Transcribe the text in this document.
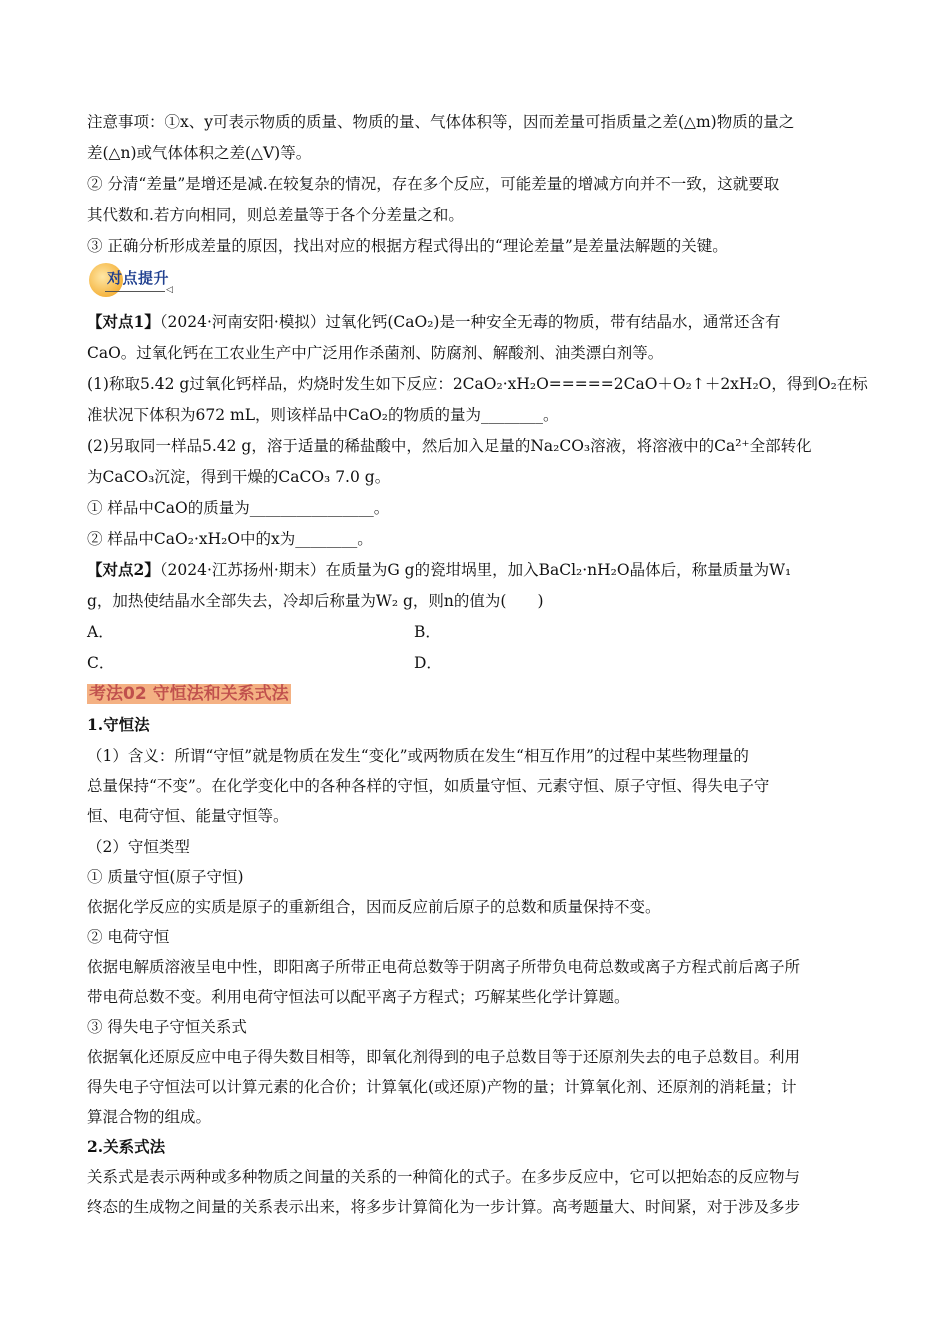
注意事项：①x、y可表示物质的质量、物质的量、气体体积等，因而差量可指质量之差(△m)物质的量之
差(△n)或气体体积之差(△V)等。
② 分清“差量”是增还是减.在较复杂的情况，存在多个反应，可能差量的增减方向并不一致，这就要取
其代数和.若方向相同，则总差量等于各个分差量之和。
③ 正确分析形成差量的原因，找出对应的根据方程式得出的“理论差量”是差量法解题的关键。
对点提升
◁
【对点1】（2024·河南安阳·模拟）过氧化钙(CaO₂)是一种安全无毒的物质，带有结晶水，通常还含有
CaO。过氧化钙在工农业生产中广泛用作杀菌剂、防腐剂、解酸剂、油类漂白剂等。
(1)称取5.42 g过氧化钙样品，灼烧时发生如下反应：2CaO₂·xH₂O=====2CaO＋O₂↑＋2xH₂O，得到O₂在标
准状况下体积为672 mL，则该样品中CaO₂的物质的量为________。
(2)另取同一样品5.42 g，溶于适量的稀盐酸中，然后加入足量的Na₂CO₃溶液，将溶液中的Ca²⁺全部转化
为CaCO₃沉淀，得到干燥的CaCO₃ 7.0 g。
① 样品中CaO的质量为________________。
② 样品中CaO₂·xH₂O中的x为________。
【对点2】（2024·江苏扬州·期末）在质量为G g的瓷坩埚里，加入BaCl₂·nH₂O晶体后，称量质量为W₁
g，加热使结晶水全部失去，冷却后称量为W₂ g，则n的值为(　　)
A．	B．
C．	D．
考法02 守恒法和关系式法
1.守恒法
（1）含义：所谓“守恒”就是物质在发生“变化”或两物质在发生“相互作用”的过程中某些物理量的
总量保持“不变”。在化学变化中的各种各样的守恒，如质量守恒、元素守恒、原子守恒、得失电子守
恒、电荷守恒、能量守恒等。
（2）守恒类型
① 质量守恒(原子守恒)
依据化学反应的实质是原子的重新组合，因而反应前后原子的总数和质量保持不变。
② 电荷守恒
依据电解质溶液呈电中性，即阳离子所带正电荷总数等于阴离子所带负电荷总数或离子方程式前后离子所
带电荷总数不变。利用电荷守恒法可以配平离子方程式；巧解某些化学计算题。
③ 得失电子守恒关系式
依据氧化还原反应中电子得失数目相等，即氧化剂得到的电子总数目等于还原剂失去的电子总数目。利用
得失电子守恒法可以计算元素的化合价；计算氧化(或还原)产物的量；计算氧化剂、还原剂的消耗量；计
算混合物的组成。
2.关系式法
关系式是表示两种或多种物质之间量的关系的一种简化的式子。在多步反应中，它可以把始态的反应物与
终态的生成物之间量的关系表示出来，将多步计算简化为一步计算。高考题量大、时间紧，对于涉及多步
